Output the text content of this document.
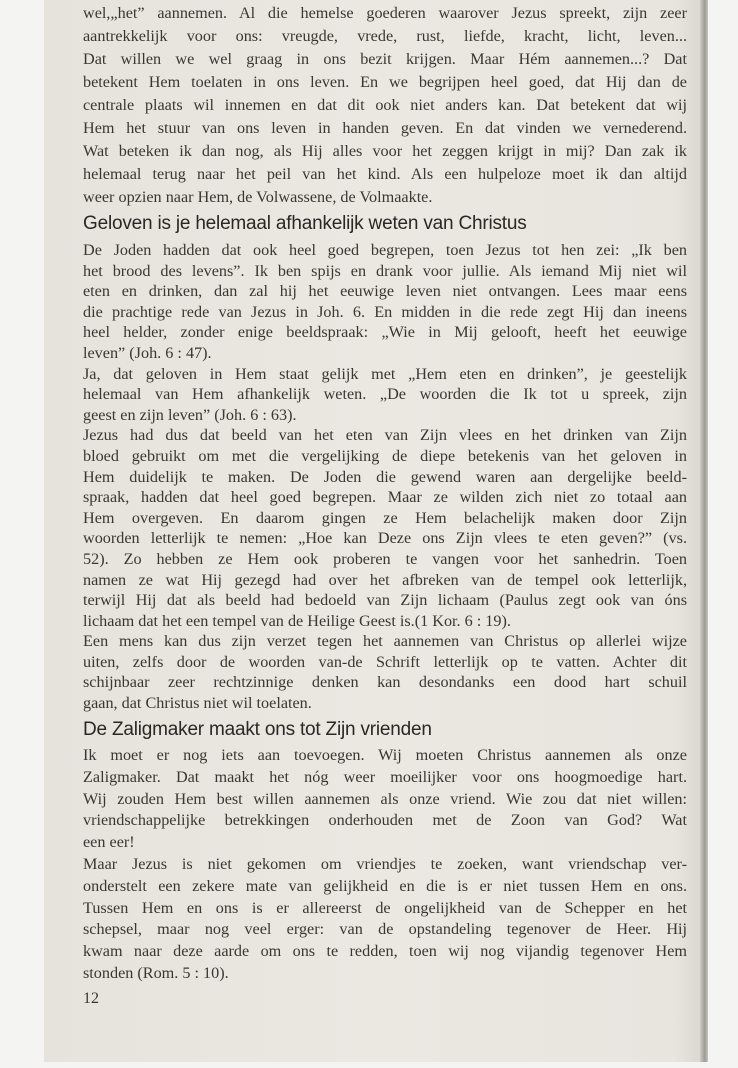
wel,„het” aannemen. Al die hemelse goederen waarover Jezus spreekt, zijn zeer
aantrekkelijk voor ons: vreugde, vrede, rust, liefde, kracht, licht, leven...
Dat willen we wel graag in ons bezit krijgen. Maar Hém aannemen...? Dat
betekent Hem toelaten in ons leven. En we begrijpen heel goed, dat Hij dan de
centrale plaats wil innemen en dat dit ook niet anders kan. Dat betekent dat wij
Hem het stuur van ons leven in handen geven. En dat vinden we vernederend.
Wat beteken ik dan nog, als Hij alles voor het zeggen krijgt in mij? Dan zak ik
helemaal terug naar het peil van het kind. Als een hulpeloze moet ik dan altijd
weer opzien naar Hem, de Volwassene, de Volmaakte.
Geloven is je helemaal afhankelijk weten van Christus
De Joden hadden dat ook heel goed begrepen, toen Jezus tot hen zei: „Ik ben
het brood des levens”. Ik ben spijs en drank voor jullie. Als iemand Mij niet wil
eten en drinken, dan zal hij het eeuwige leven niet ontvangen. Lees maar eens
die prachtige rede van Jezus in Joh. 6. En midden in die rede zegt Hij dan ineens
heel helder, zonder enige beeldspraak: „Wie in Mij gelooft, heeft het eeuwige
leven” (Joh. 6 : 47).
Ja, dat geloven in Hem staat gelijk met „Hem eten en drinken”, je geestelijk
helemaal van Hem afhankelijk weten. „De woorden die Ik tot u spreek, zijn
geest en zijn leven” (Joh. 6 : 63).
Jezus had dus dat beeld van het eten van Zijn vlees en het drinken van Zijn
bloed gebruikt om met die vergelijking de diepe betekenis van het geloven in
Hem duidelijk te maken. De Joden die gewend waren aan dergelijke beeld-
spraak, hadden dat heel goed begrepen. Maar ze wilden zich niet zo totaal aan
Hem overgeven. En daarom gingen ze Hem belachelijk maken door Zijn
woorden letterlijk te nemen: „Hoe kan Deze ons Zijn vlees te eten geven?” (vs.
52). Zo hebben ze Hem ook proberen te vangen voor het sanhedrin. Toen
namen ze wat Hij gezegd had over het afbreken van de tempel ook letterlijk,
terwijl Hij dat als beeld had bedoeld van Zijn lichaam (Paulus zegt ook van óns
lichaam dat het een tempel van de Heilige Geest is.(1 Kor. 6 : 19).
Een mens kan dus zijn verzet tegen het aannemen van Christus op allerlei wijze
uiten, zelfs door de woorden van-de Schrift letterlijk op te vatten. Achter dit
schijnbaar zeer rechtzinnige denken kan desondanks een dood hart schuil
gaan, dat Christus niet wil toelaten.
De Zaligmaker maakt ons tot Zijn vrienden
Ik moet er nog iets aan toevoegen. Wij moeten Christus aannemen als onze
Zaligmaker. Dat maakt het nóg weer moeilijker voor ons hoogmoedige hart.
Wij zouden Hem best willen aannemen als onze vriend. Wie zou dat niet willen:
vriendschappelijke betrekkingen onderhouden met de Zoon van God? Wat
een eer!
Maar Jezus is niet gekomen om vriendjes te zoeken, want vriendschap ver-
onderstelt een zekere mate van gelijkheid en die is er niet tussen Hem en ons.
Tussen Hem en ons is er allereerst de ongelijkheid van de Schepper en het
schepsel, maar nog veel erger: van de opstandeling tegenover de Heer. Hij
kwam naar deze aarde om ons te redden, toen wij nog vijandig tegenover Hem
stonden (Rom. 5 : 10).
12
